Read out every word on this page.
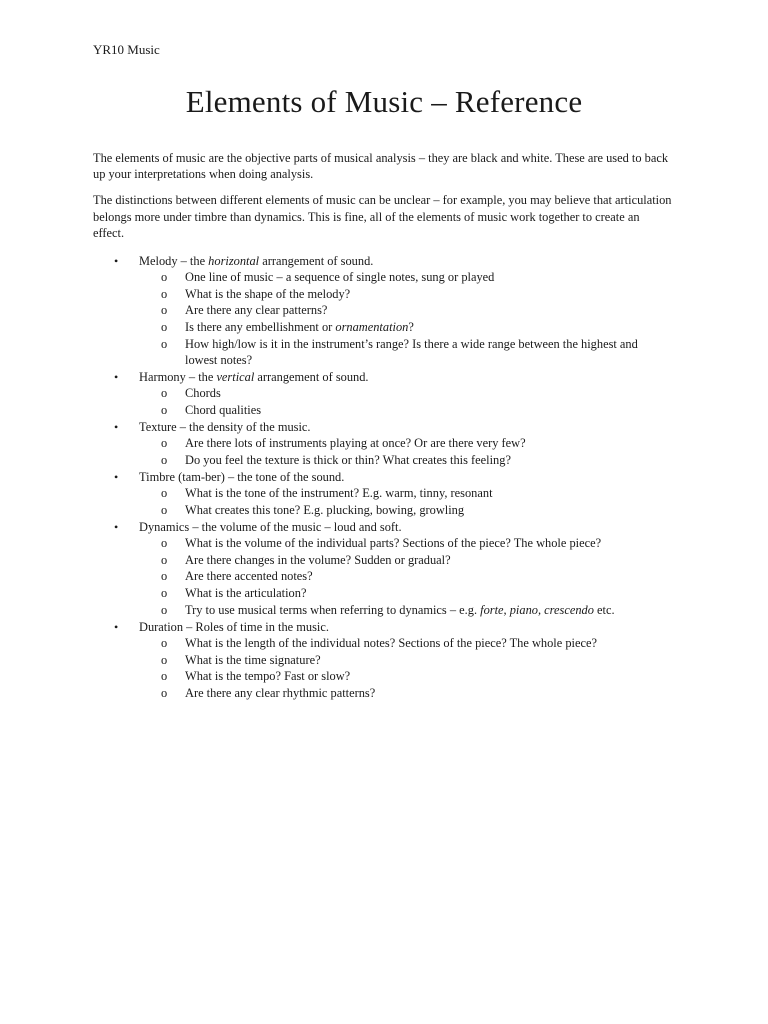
YR10 Music
Elements of Music – Reference

The elements of music are the objective parts of musical analysis – they are black and white. These are used to back up your interpretations when doing analysis.

The distinctions between different elements of music can be unclear – for example, you may believe that articulation belongs more under timbre than dynamics. This is fine, all of the elements of music work together to create an effect.

• Melody – the horizontal arrangement of sound.
o One line of music – a sequence of single notes, sung or played
o What is the shape of the melody?
o Are there any clear patterns?
o Is there any embellishment or ornamentation?
o How high/low is it in the instrument’s range? Is there a wide range between the highest and lowest notes?
• Harmony – the vertical arrangement of sound.
o Chords
o Chord qualities
• Texture – the density of the music.
o Are there lots of instruments playing at once? Or are there very few?
o Do you feel the texture is thick or thin? What creates this feeling?
• Timbre (tam-ber) – the tone of the sound.
o What is the tone of the instrument? E.g. warm, tinny, resonant
o What creates this tone? E.g. plucking, bowing, growling
• Dynamics – the volume of the music – loud and soft.
o What is the volume of the individual parts? Sections of the piece? The whole piece?
o Are there changes in the volume? Sudden or gradual?
o Are there accented notes?
o What is the articulation?
o Try to use musical terms when referring to dynamics – e.g. forte, piano, crescendo etc.
• Duration – Roles of time in the music.
o What is the length of the individual notes? Sections of the piece? The whole piece?
o What is the time signature?
o What is the tempo? Fast or slow?
o Are there any clear rhythmic patterns?
